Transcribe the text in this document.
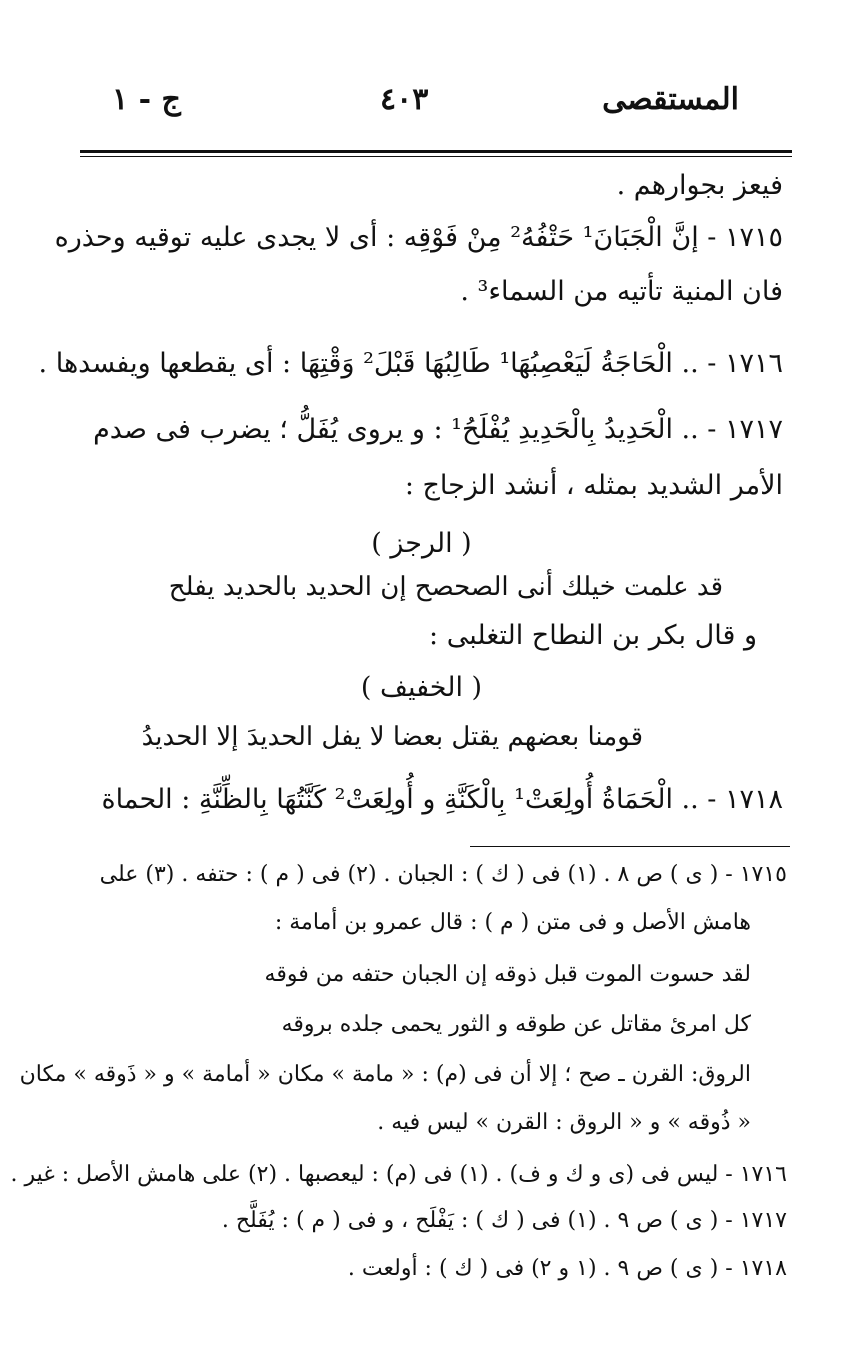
المستقصى
٤٠٣
ج - ١
فيعز بجوارهم .
١٧١٥ - إنَّ الْجَبَانَ¹ حَتْفُهُ² مِنْ فَوْقِه : أى لا يجدى عليه توقيه وحذره
فان المنية تأتيه من السماء³ .
١٧١٦ - .. الْحَاجَةُ لَيَعْصِبُهَا¹ طَالِبُهَا قَبْلَ² وَقْتِهَا : أى يقطعها ويفسدها .
١٧١٧ - .. الْحَدِيدُ بِالْحَدِيدِ يُفْلَحُ¹ : و يروى يُفَلُّ ؛ يضرب فى صدم
الأمر الشديد بمثله ، أنشد الزجاج :
( الرجز )
قد علمت خيلك أنى الصحصح إن الحديد بالحديد يفلح
و قال بكر بن النطاح التغلبى :
( الخفيف )
قومنا بعضهم يقتل بعضا لا يفل الحديدَ إلا الحديدُ
١٧١٨ - .. الْحَمَاةُ أُولِعَتْ¹ بِالْكَنَّةِ و أُولِعَتْ² كَنَّتُهَا بِالظِّنَّةِ : الحماة
١٧١٥ - ( ى ) ص ٨ . (١) فى ( ك ) : الجبان . (٢) فى ( م ) : حتفه . (٣) على
هامش الأصل و فى متن ( م ) : قال عمرو بن أمامة :
لقد حسوت الموت قبل ذوقه إن الجبان حتفه من فوقه
كل امرئ مقاتل عن طوقه و الثور يحمى جلده بروقه
الروق: القرن ـ صح ؛ إلا أن فى (م) : « مامة » مكان « أمامة » و « ذَوقه » مكان
« ذُوقه » و « الروق : القرن » ليس فيه .
١٧١٦ - ليس فى (ى و ك و ف) . (١) فى (م) : ليعصبها . (٢) على هامش الأصل : غير .
١٧١٧ - ( ى ) ص ٩ . (١) فى ( ك ) : يَفْلَح ، و فى ( م ) : يُفَلَّح .
١٧١٨ - ( ى ) ص ٩ . (١ و ٢) فى ( ك ) : أولعت .
